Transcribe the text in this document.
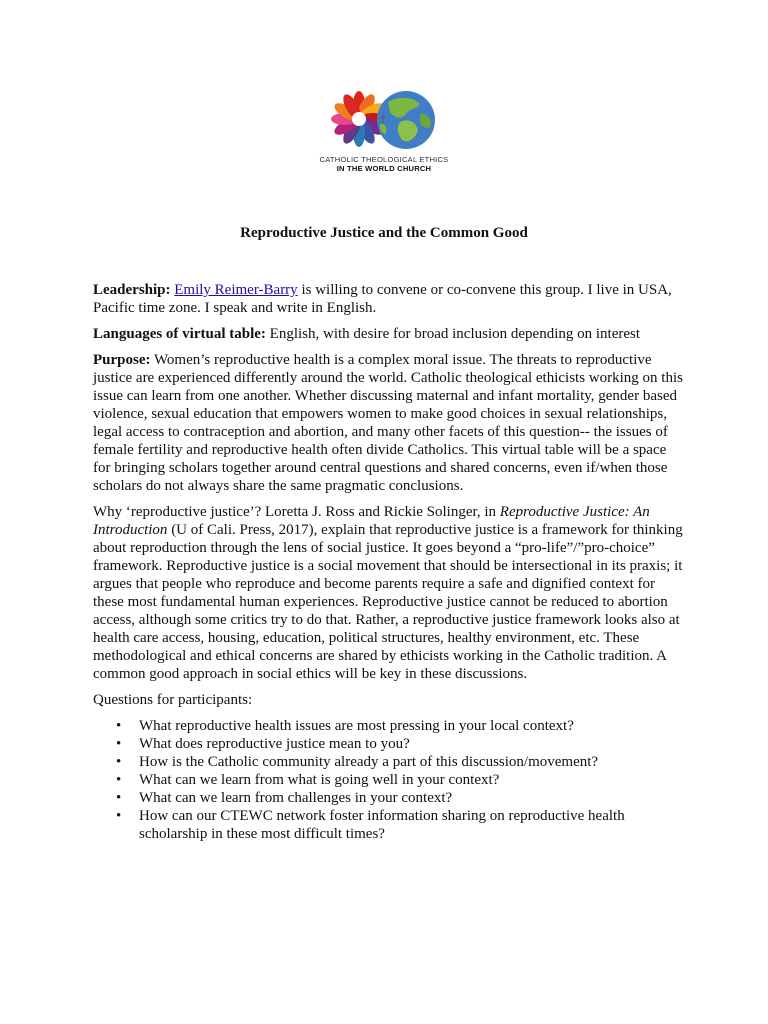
CATHOLIC THEOLOGICAL ETHICS
IN THE WORLD CHURCH
Reproductive Justice and the Common Good

Leadership: Emily Reimer-Barry is willing to convene or co-convene this group. I live in USA, Pacific time zone. I speak and write in English.

Languages of virtual table: English, with desire for broad inclusion depending on interest

Purpose: Women’s reproductive health is a complex moral issue. The threats to reproductive justice are experienced differently around the world. Catholic theological ethicists working on this issue can learn from one another. Whether discussing maternal and infant mortality, gender based violence, sexual education that empowers women to make good choices in sexual relationships, legal access to contraception and abortion, and many other facets of this question-- the issues of female fertility and reproductive health often divide Catholics. This virtual table will be a space for bringing scholars together around central questions and shared concerns, even if/when those scholars do not always share the same pragmatic conclusions.

Why ‘reproductive justice’? Loretta J. Ross and Rickie Solinger, in Reproductive Justice: An Introduction (U of Cali. Press, 2017), explain that reproductive justice is a framework for thinking about reproduction through the lens of social justice. It goes beyond a “pro-life”/”pro-choice” framework. Reproductive justice is a social movement that should be intersectional in its praxis; it argues that people who reproduce and become parents require a safe and dignified context for these most fundamental human experiences. Reproductive justice cannot be reduced to abortion access, although some critics try to do that. Rather, a reproductive justice framework looks also at health care access, housing, education, political structures, healthy environment, etc. These methodological and ethical concerns are shared by ethicists working in the Catholic tradition. A common good approach in social ethics will be key in these discussions.

Questions for participants:

• What reproductive health issues are most pressing in your local context?
• What does reproductive justice mean to you?
• How is the Catholic community already a part of this discussion/movement?
• What can we learn from what is going well in your context?
• What can we learn from challenges in your context?
• How can our CTEWC network foster information sharing on reproductive health scholarship in these most difficult times?
